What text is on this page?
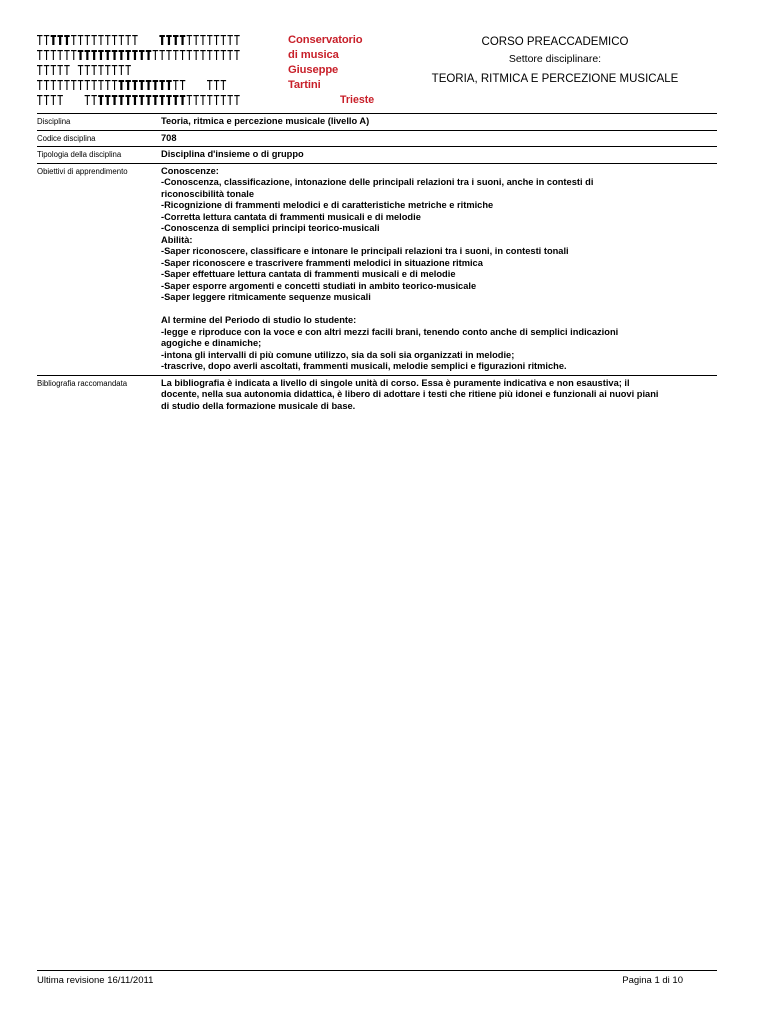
Conservatorio
di musica
Giuseppe
Tartini
Trieste
CORSO PREACCADEMICO
Settore disciplinare:
TEORIA, RITMICA E PERCEZIONE MUSICALE
Disciplina	Teoria, ritmica e percezione musicale (livello A)

Codice disciplina	708

Tipologia della disciplina	Disciplina d'insieme o di gruppo

Obiettivi di apprendimento	Conoscenze:

-Conoscenza, classificazione, intonazione delle principali relazioni tra i suoni, anche in contesti di

riconoscibilità tonale

-Ricognizione di frammenti melodici e di caratteristiche metriche e ritmiche

-Corretta lettura cantata di frammenti musicali e di melodie

-Conoscenza di semplici principi teorico-musicali

Abilità:

-Saper riconoscere, classificare e intonare le principali relazioni tra i suoni, in contesti tonali

-Saper riconoscere e trascrivere frammenti melodici in situazione ritmica

-Saper effettuare lettura cantata di frammenti musicali e di melodie

-Saper esporre argomenti e concetti studiati in ambito teorico-musicale

-Saper leggere ritmicamente sequenze musicali

Al termine del Periodo di studio lo studente:

-legge e riproduce con la voce e con altri mezzi facili brani, tenendo conto anche di semplici indicazioni

agogiche e dinamiche;

-intona gli intervalli di più comune utilizzo, sia da soli sia organizzati in melodie;

-trascrive, dopo averli ascoltati, frammenti musicali, melodie semplici e figurazioni ritmiche.

Bibliografia raccomandata	La bibliografia è indicata a livello di singole unità di corso. Essa è puramente indicativa e non esaustiva; il

docente, nella sua autonomia didattica, è libero di adottare i testi che ritiene più idonei e funzionali ai nuovi piani

di studio della formazione musicale di base.

Ultima revisione 16/11/2011	Pagina 1 di 10
